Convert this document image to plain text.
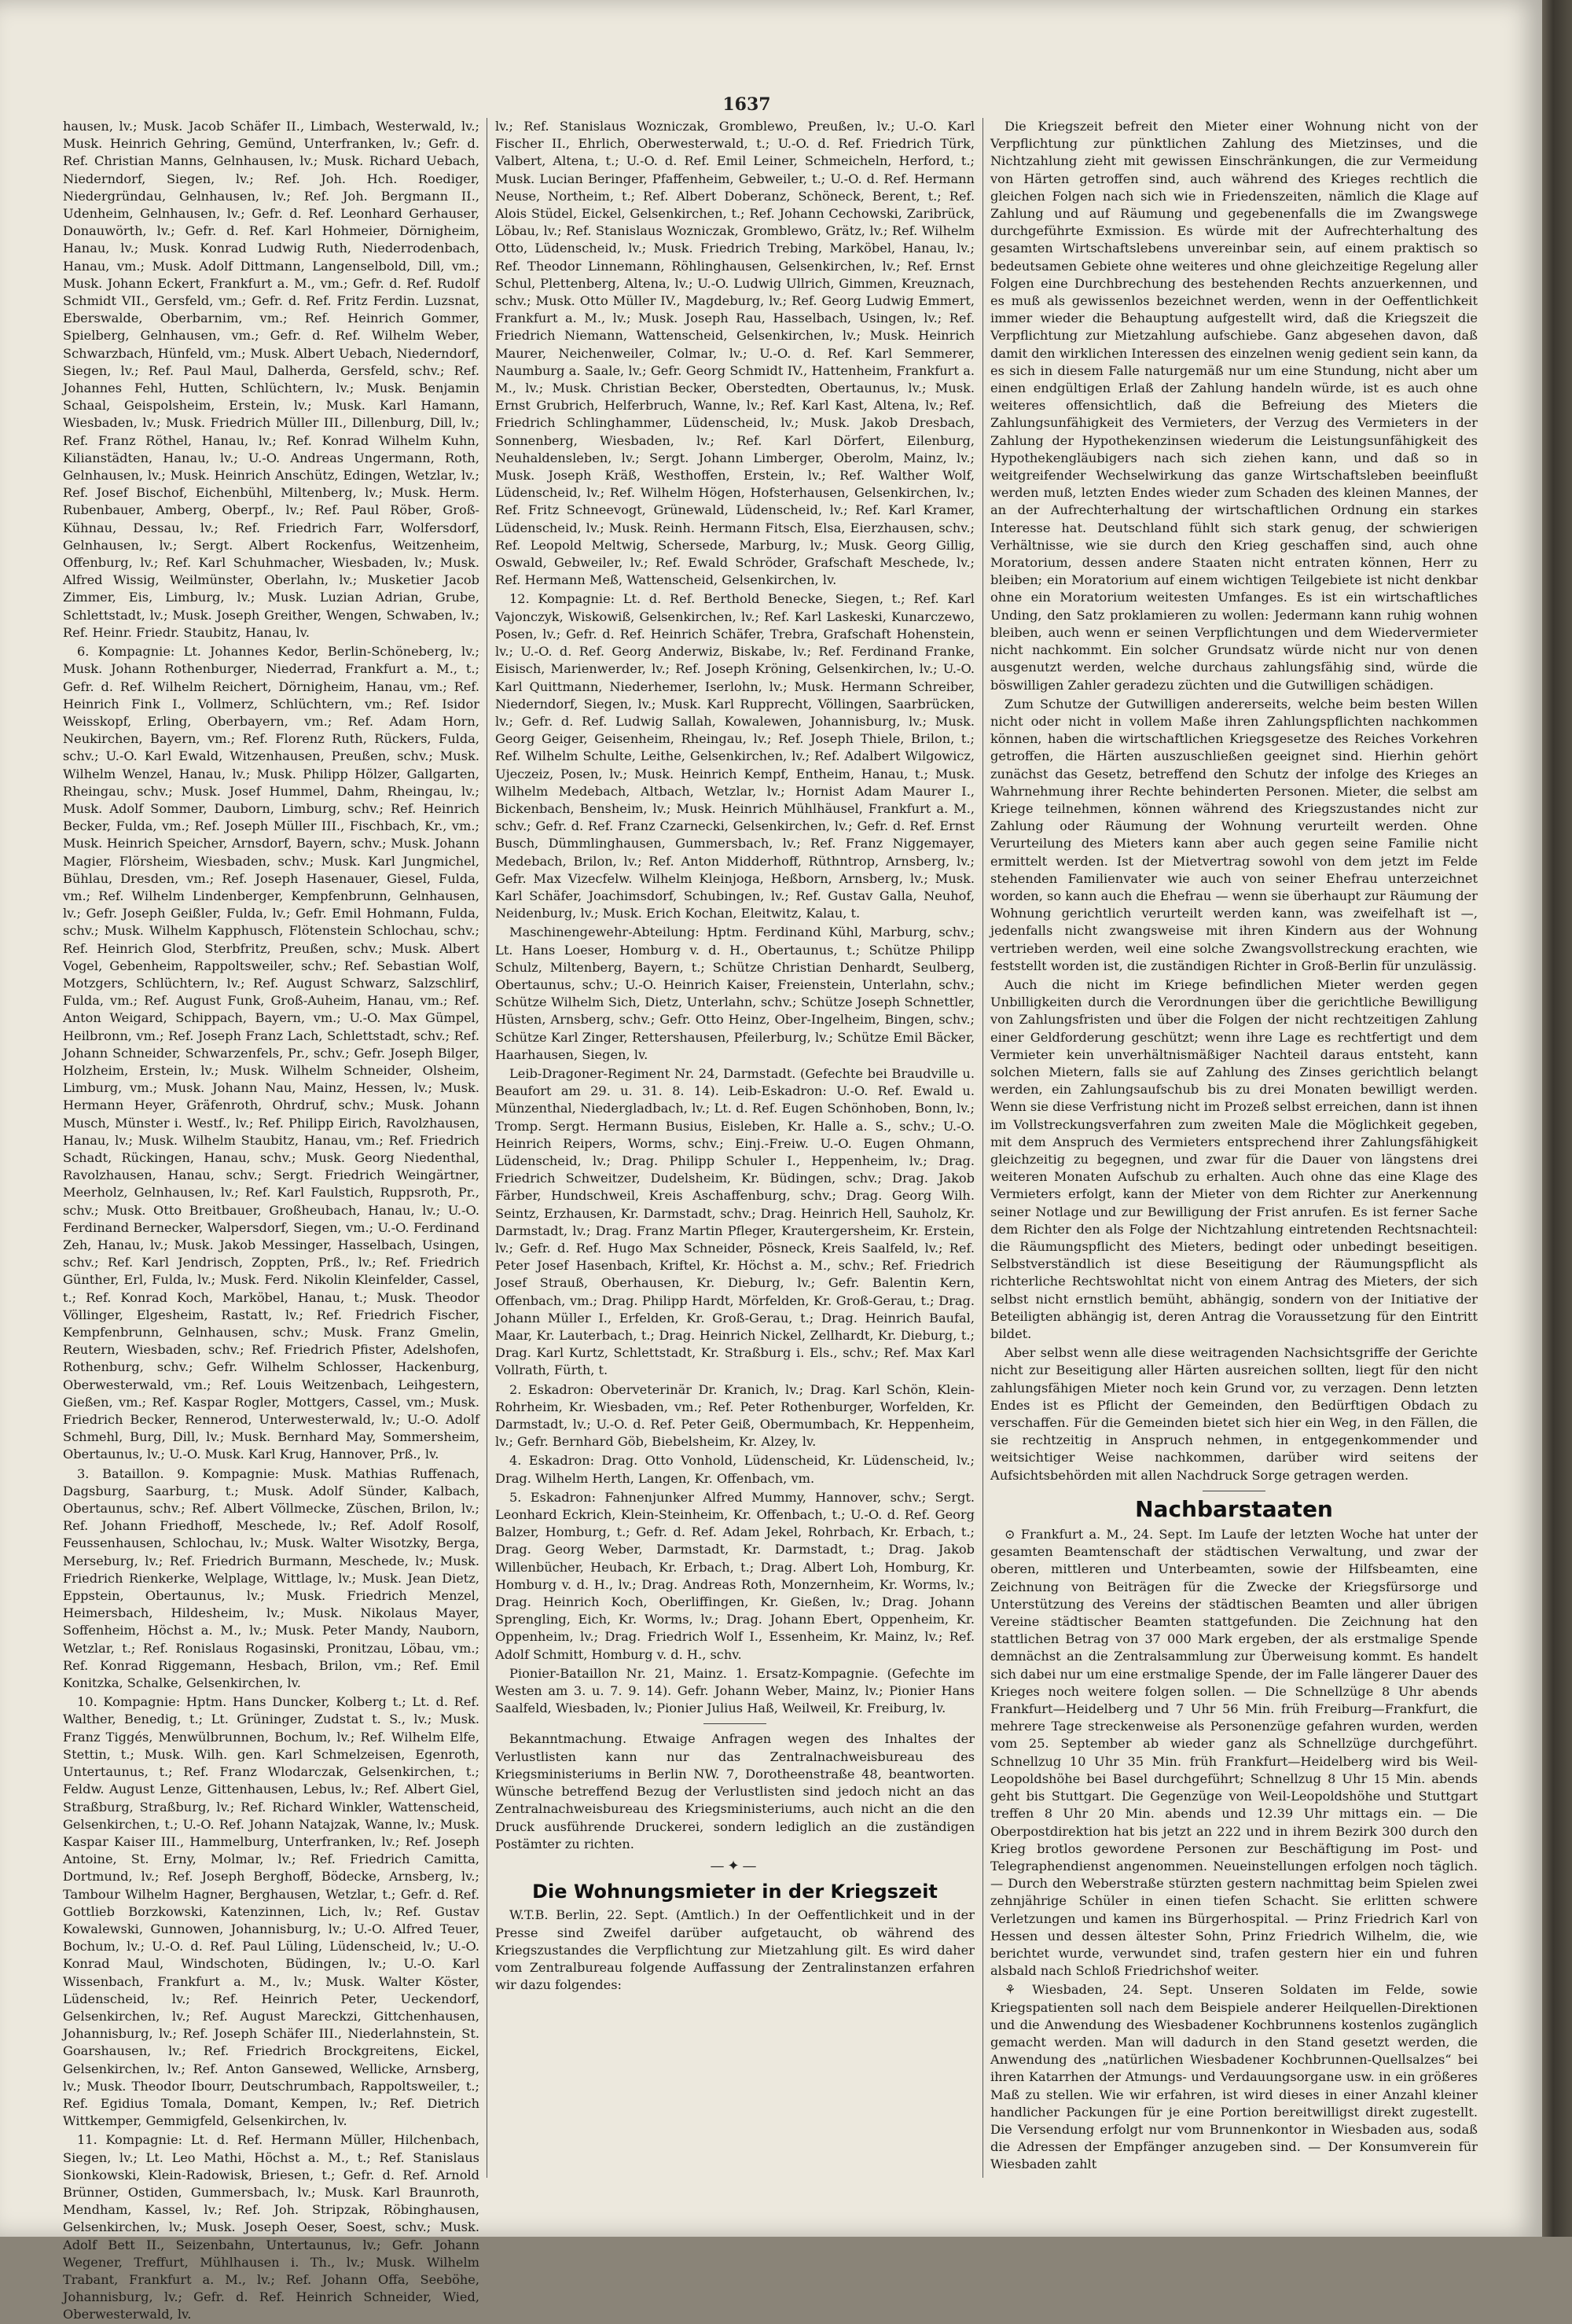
1637

hausen, lv.; Musk. Jacob Schäfer II., Limbach, Westerwald, lv.; Musk. Heinrich Gehring, Gemünd, Unterfranken, lv.; Gefr. d. Ref. Christian Manns, Gelnhausen, lv.; Musk. Richard Uebach, Niederndorf, Siegen, lv.; Ref. Joh. Hch. Roediger, Niedergründau, Gelnhausen, lv.; Ref. Joh. Bergmann II., Udenheim, Gelnhausen, lv.; Gefr. d. Ref. Leonhard Gerhauser, Donauwörth, lv.; Gefr. d. Ref. Karl Hohmeier, Dörnigheim, Hanau, lv.; Musk. Konrad Ludwig Ruth, Niederrodenbach, Hanau, vm.; Musk. Adolf Dittmann, Langenselbold, Dill, vm.; Musk. Johann Eckert, Frankfurt a. M., vm.; Gefr. d. Ref. Rudolf Schmidt VII., Gersfeld, vm.; Gefr. d. Ref. Fritz Ferdin. Luzsnat, Eberswalde, Oberbarnim, vm.; Ref. Heinrich Gommer, Spielberg, Gelnhausen, vm.; Gefr. d. Ref. Wilhelm Weber, Schwarzbach, Hünfeld, vm.; Musk. Albert Uebach, Niederndorf, Siegen, lv.; Ref. Paul Maul, Dalherda, Gersfeld, schv.; Ref. Johannes Fehl, Hutten, Schlüchtern, lv.; Musk. Benjamin Schaal, Geispolsheim, Erstein, lv.; Musk. Karl Hamann, Wiesbaden, lv.; Musk. Friedrich Müller III., Dillenburg, Dill, lv.; Ref. Franz Röthel, Hanau, lv.; Ref. Konrad Wilhelm Kuhn, Kilianstädten, Hanau, lv.; U.-O. Andreas Ungermann, Roth, Gelnhausen, lv.; Musk. Heinrich Anschütz, Edingen, Wetzlar, lv.; Ref. Josef Bischof, Eichenbühl, Miltenberg, lv.; Musk. Herm. Rubenbauer, Amberg, Oberpf., lv.; Ref. Paul Röber, Groß-Kühnau, Dessau, lv.; Ref. Friedrich Farr, Wolfersdorf, Gelnhausen, lv.; Sergt. Albert Rockenfus, Weitzenheim, Offenburg, lv.; Ref. Karl Schuhmacher, Wiesbaden, lv.; Musk. Alfred Wissig, Weilmünster, Oberlahn, lv.; Musketier Jacob Zimmer, Eis, Limburg, lv.; Musk. Luzian Adrian, Grube, Schlettstadt, lv.; Musk. Joseph Greither, Wengen, Schwaben, lv.; Ref. Heinr. Friedr. Staubitz, Hanau, lv.

6. Kompagnie: Lt. Johannes Kedor, Berlin-Schöneberg, lv.; Musk. Johann Rothenburger, Niederrad, Frankfurt a. M., t.; Gefr. d. Ref. Wilhelm Reichert, Dörnigheim, Hanau, vm.; Ref. Heinrich Fink I., Vollmerz, Schlüchtern, vm.; Ref. Isidor Weisskopf, Erling, Oberbayern, vm.; Ref. Adam Horn, Neukirchen, Bayern, vm.; Ref. Florenz Ruth, Rückers, Fulda, schv.; U.-O. Karl Ewald, Witzenhausen, Preußen, schv.; Musk. Wilhelm Wenzel, Hanau, lv.; Musk. Philipp Hölzer, Gallgarten, Rheingau, schv.; Musk. Josef Hummel, Dahm, Rheingau, lv.; Musk. Adolf Sommer, Dauborn, Limburg, schv.; Ref. Heinrich Becker, Fulda, vm.; Ref. Joseph Müller III., Fischbach, Kr., vm.; Musk. Heinrich Speicher, Arnsdorf, Bayern, schv.; Musk. Johann Magier, Flörsheim, Wiesbaden, schv.; Musk. Karl Jungmichel, Bühlau, Dresden, vm.; Ref. Joseph Hasenauer, Giesel, Fulda, vm.; Ref. Wilhelm Lindenberger, Kempfenbrunn, Gelnhausen, lv.; Gefr. Joseph Geißler, Fulda, lv.; Gefr. Emil Hohmann, Fulda, schv.; Musk. Wilhelm Kapphusch, Flötenstein Schlochau, schv.; Ref. Heinrich Glod, Sterbfritz, Preußen, schv.; Musk. Albert Vogel, Gebenheim, Rappoltsweiler, schv.; Ref. Sebastian Wolf, Motzgers, Schlüchtern, lv.; Ref. August Schwarz, Salzschlirf, Fulda, vm.; Ref. August Funk, Groß-Auheim, Hanau, vm.; Ref. Anton Weigard, Schippach, Bayern, vm.; U.-O. Max Gümpel, Heilbronn, vm.; Ref. Joseph Franz Lach, Schlettstadt, schv.; Ref. Johann Schneider, Schwarzenfels, Pr., schv.; Gefr. Joseph Bilger, Holzheim, Erstein, lv.; Musk. Wilhelm Schneider, Olsheim, Limburg, vm.; Musk. Johann Nau, Mainz, Hessen, lv.; Musk. Hermann Heyer, Gräfenroth, Ohrdruf, schv.; Musk. Johann Musch, Münster i. Westf., lv.; Ref. Philipp Eirich, Ravolzhausen, Hanau, lv.; Musk. Wilhelm Staubitz, Hanau, vm.; Ref. Friedrich Schadt, Rückingen, Hanau, schv.; Musk. Georg Niedenthal, Ravolzhausen, Hanau, schv.; Sergt. Friedrich Weingärtner, Meerholz, Gelnhausen, lv.; Ref. Karl Faulstich, Ruppsroth, Pr., schv.; Musk. Otto Breitbauer, Großheubach, Hanau, lv.; U.-O. Ferdinand Bernecker, Walpersdorf, Siegen, vm.; U.-O. Ferdinand Zeh, Hanau, lv.; Musk. Jakob Messinger, Hasselbach, Usingen, schv.; Ref. Karl Jendrisch, Zoppten, Prß., lv.; Ref. Friedrich Günther, Erl, Fulda, lv.; Musk. Ferd. Nikolin Kleinfelder, Cassel, t.; Ref. Konrad Koch, Marköbel, Hanau, t.; Musk. Theodor Völlinger, Elgesheim, Rastatt, lv.; Ref. Friedrich Fischer, Kempfenbrunn, Gelnhausen, schv.; Musk. Franz Gmelin, Reutern, Wiesbaden, schv.; Ref. Friedrich Pfister, Adelshofen, Rothenburg, schv.; Gefr. Wilhelm Schlosser, Hackenburg, Oberwesterwald, vm.; Ref. Louis Weitzenbach, Leihgestern, Gießen, vm.; Ref. Kaspar Rogler, Mottgers, Cassel, vm.; Musk. Friedrich Becker, Rennerod, Unterwesterwald, lv.; U.-O. Adolf Schmehl, Burg, Dill, lv.; Musk. Bernhard May, Sommersheim, Obertaunus, lv.; U.-O. Musk. Karl Krug, Hannover, Prß., lv.

3. Bataillon. 9. Kompagnie: Musk. Mathias Ruffenach, Dagsburg, Saarburg, t.; Musk. Adolf Sünder, Kalbach, Obertaunus, schv.; Ref. Albert Völlmecke, Züschen, Brilon, lv.; Ref. Johann Friedhoff, Meschede, lv.; Ref. Adolf Rosolf, Feussenhausen, Schlochau, lv.; Musk. Walter Wisotzky, Berga, Merseburg, lv.; Ref. Friedrich Burmann, Meschede, lv.; Musk. Friedrich Rienkerke, Welplage, Wittlage, lv.; Musk. Jean Dietz, Eppstein, Obertaunus, lv.; Musk. Friedrich Menzel, Heimersbach, Hildesheim, lv.; Musk. Nikolaus Mayer, Soffenheim, Höchst a. M., lv.; Musk. Peter Mandy, Nauborn, Wetzlar, t.; Ref. Ronislaus Rogasinski, Pronitzau, Löbau, vm.; Ref. Konrad Riggemann, Hesbach, Brilon, vm.; Ref. Emil Konitzka, Schalke, Gelsenkirchen, lv.

10. Kompagnie: Hptm. Hans Duncker, Kolberg t.; Lt. d. Ref. Walther, Benedig, t.; Lt. Grüninger, Zudstat t. S., lv.; Musk. Franz Tiggés, Menwülbrunnen, Bochum, lv.; Ref. Wilhelm Elfe, Stettin, t.; Musk. Wilh. gen. Karl Schmelzeisen, Egenroth, Untertaunus, t.; Ref. Franz Wlodarczak, Gelsenkirchen, t.; Feldw. August Lenze, Gittenhausen, Lebus, lv.; Ref. Albert Giel, Straßburg, Straßburg, lv.; Ref. Richard Winkler, Wattenscheid, Gelsenkirchen, t.; U.-O. Ref. Johann Natajzak, Wanne, lv.; Musk. Kaspar Kaiser III., Hammelburg, Unterfranken, lv.; Ref. Joseph Antoine, St. Erny, Molmar, lv.; Ref. Friedrich Camitta, Dortmund, lv.; Ref. Joseph Berghoff, Bödecke, Arnsberg, lv.; Tambour Wilhelm Hagner, Berghausen, Wetzlar, t.; Gefr. d. Ref. Gottlieb Borzkowski, Katenzinnen, Lich, lv.; Ref. Gustav Kowalewski, Gunnowen, Johannisburg, lv.; U.-O. Alfred Teuer, Bochum, lv.; U.-O. d. Ref. Paul Lüling, Lüdenscheid, lv.; U.-O. Konrad Maul, Windschoten, Büdingen, lv.; U.-O. Karl Wissenbach, Frankfurt a. M., lv.; Musk. Walter Köster, Lüdenscheid, lv.; Ref. Heinrich Peter, Ueckendorf, Gelsenkirchen, lv.; Ref. August Mareckzi, Gittchenhausen, Johannisburg, lv.; Ref. Joseph Schäfer III., Niederlahnstein, St. Goarshausen, lv.; Ref. Friedrich Brockgreitens, Eickel, Gelsenkirchen, lv.; Ref. Anton Gansewed, Wellicke, Arnsberg, lv.; Musk. Theodor Ibourr, Deutschrumbach, Rappoltsweiler, t.; Ref. Egidius Tomala, Domant, Kempen, lv.; Ref. Dietrich Wittkemper, Gemmigfeld, Gelsenkirchen, lv.

11. Kompagnie: Lt. d. Ref. Hermann Müller, Hilchenbach, Siegen, lv.; Lt. Leo Mathi, Höchst a. M., t.; Ref. Stanislaus Sionkowski, Klein-Radowisk, Briesen, t.; Gefr. d. Ref. Arnold Brünner, Ostiden, Gummersbach, lv.; Musk. Karl Braunroth, Mendham, Kassel, lv.; Ref. Joh. Stripzak, Röbinghausen, Gelsenkirchen, lv.; Musk. Joseph Oeser, Soest, schv.; Musk. Adolf Bett II., Seizenbahn, Untertaunus, lv.; Gefr. Johann Wegener, Treffurt, Mühlhausen i. Th., lv.; Musk. Wilhelm Trabant, Frankfurt a. M., lv.; Ref. Johann Offa, Seeböhe, Johannisburg, lv.; Gefr. d. Ref. Heinrich Schneider, Wied, Oberwesterwald, lv.

lv.; Ref. Stanislaus Wozniczak, Gromblewo, Preußen, lv.; U.-O. Karl Fischer II., Ehrlich, Oberwesterwald, t.; U.-O. d. Ref. Friedrich Türk, Valbert, Altena, t.; U.-O. d. Ref. Emil Leiner, Schmeicheln, Herford, t.; Musk. Lucian Beringer, Pfaffenheim, Gebweiler, t.; U.-O. d. Ref. Hermann Neuse, Northeim, t.; Ref. Albert Doberanz, Schöneck, Berent, t.; Ref. Alois Stüdel, Eickel, Gelsenkirchen, t.; Ref. Johann Cechowski, Zaribrück, Löbau, lv.; Ref. Stanislaus Wozniczak, Gromblewo, Grätz, lv.; Ref. Wilhelm Otto, Lüdenscheid, lv.; Musk. Friedrich Trebing, Marköbel, Hanau, lv.; Ref. Theodor Linnemann, Röhlinghausen, Gelsenkirchen, lv.; Ref. Ernst Schul, Plettenberg, Altena, lv.; U.-O. Ludwig Ullrich, Gimmen, Kreuznach, schv.; Musk. Otto Müller IV., Magdeburg, lv.; Ref. Georg Ludwig Emmert, Frankfurt a. M., lv.; Musk. Joseph Rau, Hasselbach, Usingen, lv.; Ref. Friedrich Niemann, Wattenscheid, Gelsenkirchen, lv.; Musk. Heinrich Maurer, Neichenweiler, Colmar, lv.; U.-O. d. Ref. Karl Semmerer, Naumburg a. Saale, lv.; Gefr. Georg Schmidt IV., Hattenheim, Frankfurt a. M., lv.; Musk. Christian Becker, Oberstedten, Obertaunus, lv.; Musk. Ernst Grubrich, Helferbruch, Wanne, lv.; Ref. Karl Kast, Altena, lv.; Ref. Friedrich Schlinghammer, Lüdenscheid, lv.; Musk. Jakob Dresbach, Sonnenberg, Wiesbaden, lv.; Ref. Karl Dörfert, Eilenburg, Neuhaldensleben, lv.; Sergt. Johann Limberger, Oberolm, Mainz, lv.; Musk. Joseph Kräß, Westhoffen, Erstein, lv.; Ref. Walther Wolf, Lüdenscheid, lv.; Ref. Wilhelm Högen, Hofsterhausen, Gelsenkirchen, lv.; Ref. Fritz Schneevogt, Grünewald, Lüdenscheid, lv.; Ref. Karl Kramer, Lüdenscheid, lv.; Musk. Reinh. Hermann Fitsch, Elsa, Eierzhausen, schv.; Ref. Leopold Meltwig, Schersede, Marburg, lv.; Musk. Georg Gillig, Oswald, Gebweiler, lv.; Ref. Ewald Schröder, Grafschaft Meschede, lv.; Ref. Hermann Meß, Wattenscheid, Gelsenkirchen, lv.

12. Kompagnie: Lt. d. Ref. Berthold Benecke, Siegen, t.; Ref. Karl Vajonczyk, Wiskowiß, Gelsenkirchen, lv.; Ref. Karl Laskeski, Kunarczewo, Posen, lv.; Gefr. d. Ref. Heinrich Schäfer, Trebra, Grafschaft Hohenstein, lv.; U.-O. d. Ref. Georg Anderwiz, Biskabe, lv.; Ref. Ferdinand Franke, Eisisch, Marienwerder, lv.; Ref. Joseph Kröning, Gelsenkirchen, lv.; U.-O. Karl Quittmann, Niederhemer, Iserlohn, lv.; Musk. Hermann Schreiber, Niederndorf, Siegen, lv.; Musk. Karl Rupprecht, Völlingen, Saarbrücken, lv.; Gefr. d. Ref. Ludwig Sallah, Kowalewen, Johannisburg, lv.; Musk. Georg Geiger, Geisenheim, Rheingau, lv.; Ref. Joseph Thiele, Brilon, t.; Ref. Wilhelm Schulte, Leithe, Gelsenkirchen, lv.; Ref. Adalbert Wilgowicz, Ujeczeiz, Posen, lv.; Musk. Heinrich Kempf, Entheim, Hanau, t.; Musk. Wilhelm Medebach, Altbach, Wetzlar, lv.; Hornist Adam Maurer I., Bickenbach, Bensheim, lv.; Musk. Heinrich Mühlhäusel, Frankfurt a. M., schv.; Gefr. d. Ref. Franz Czarnecki, Gelsenkirchen, lv.; Gefr. d. Ref. Ernst Busch, Dümmlinghausen, Gummersbach, lv.; Ref. Franz Niggemayer, Medebach, Brilon, lv.; Ref. Anton Midderhoff, Rüthntrop, Arnsberg, lv.; Gefr. Max Vizecfelw. Wilhelm Kleinjoga, Heßborn, Arnsberg, lv.; Musk. Karl Schäfer, Joachimsdorf, Schubingen, lv.; Ref. Gustav Galla, Neuhof, Neidenburg, lv.; Musk. Erich Kochan, Eleitwitz, Kalau, t.

Maschinengewehr-Abteilung: Hptm. Ferdinand Kühl, Marburg, schv.; Lt. Hans Loeser, Homburg v. d. H., Obertaunus, t.; Schütze Philipp Schulz, Miltenberg, Bayern, t.; Schütze Christian Denhardt, Seulberg, Obertaunus, schv.; U.-O. Heinrich Kaiser, Freienstein, Unterlahn, schv.; Schütze Wilhelm Sich, Dietz, Unterlahn, schv.; Schütze Joseph Schnettler, Hüsten, Arnsberg, schv.; Gefr. Otto Heinz, Ober-Ingelheim, Bingen, schv.; Schütze Karl Zinger, Rettershausen, Pfeilerburg, lv.; Schütze Emil Bäcker, Haarhausen, Siegen, lv.

Leib-Dragoner-Regiment Nr. 24, Darmstadt. (Gefechte bei Braudville u. Beaufort am 29. u. 31. 8. 14). Leib-Eskadron: U.-O. Ref. Ewald u. Münzenthal, Niedergladbach, lv.; Lt. d. Ref. Eugen Schönhoben, Bonn, lv.; Tromp. Sergt. Hermann Busius, Eisleben, Kr. Halle a. S., schv.; U.-O. Heinrich Reipers, Worms, schv.; Einj.-Freiw. U.-O. Eugen Ohmann, Lüdenscheid, lv.; Drag. Philipp Schuler I., Heppenheim, lv.; Drag. Friedrich Schweitzer, Dudelsheim, Kr. Büdingen, schv.; Drag. Jakob Färber, Hundschweil, Kreis Aschaffenburg, schv.; Drag. Georg Wilh. Seintz, Erzhausen, Kr. Darmstadt, schv.; Drag. Heinrich Hell, Sauholz, Kr. Darmstadt, lv.; Drag. Franz Martin Pfleger, Krautergersheim, Kr. Erstein, lv.; Gefr. d. Ref. Hugo Max Schneider, Pösneck, Kreis Saalfeld, lv.; Ref. Peter Josef Hasenbach, Kriftel, Kr. Höchst a. M., schv.; Ref. Friedrich Josef Strauß, Oberhausen, Kr. Dieburg, lv.; Gefr. Balentin Kern, Offenbach, vm.; Drag. Philipp Hardt, Mörfelden, Kr. Groß-Gerau, t.; Drag. Johann Müller I., Erfelden, Kr. Groß-Gerau, t.; Drag. Heinrich Baufal, Maar, Kr. Lauterbach, t.; Drag. Heinrich Nickel, Zellhardt, Kr. Dieburg, t.; Drag. Karl Kurtz, Schlettstadt, Kr. Straßburg i. Els., schv.; Ref. Max Karl Vollrath, Fürth, t.

2. Eskadron: Oberveterinär Dr. Kranich, lv.; Drag. Karl Schön, Klein-Rohrheim, Kr. Wiesbaden, vm.; Ref. Peter Rothenburger, Worfelden, Kr. Darmstadt, lv.; U.-O. d. Ref. Peter Geiß, Obermumbach, Kr. Heppenheim, lv.; Gefr. Bernhard Göb, Biebelsheim, Kr. Alzey, lv.

4. Eskadron: Drag. Otto Vonhold, Lüdenscheid, Kr. Lüdenscheid, lv.; Drag. Wilhelm Herth, Langen, Kr. Offenbach, vm.

5. Eskadron: Fahnenjunker Alfred Mummy, Hannover, schv.; Sergt. Leonhard Eckrich, Klein-Steinheim, Kr. Offenbach, t.; U.-O. d. Ref. Georg Balzer, Homburg, t.; Gefr. d. Ref. Adam Jekel, Rohrbach, Kr. Erbach, t.; Drag. Georg Weber, Darmstadt, Kr. Darmstadt, t.; Drag. Jakob Willenbücher, Heubach, Kr. Erbach, t.; Drag. Albert Loh, Homburg, Kr. Homburg v. d. H., lv.; Drag. Andreas Roth, Monzernheim, Kr. Worms, lv.; Drag. Heinrich Koch, Oberliffingen, Kr. Gießen, lv.; Drag. Johann Sprengling, Eich, Kr. Worms, lv.; Drag. Johann Ebert, Oppenheim, Kr. Oppenheim, lv.; Drag. Friedrich Wolf I., Essenheim, Kr. Mainz, lv.; Ref. Adolf Schmitt, Homburg v. d. H., schv.

Pionier-Bataillon Nr. 21, Mainz. 1. Ersatz-Kompagnie. (Gefechte im Westen am 3. u. 7. 9. 14). Gefr. Johann Weber, Mainz, lv.; Pionier Hans Saalfeld, Wiesbaden, lv.; Pionier Julius Haß, Weilweil, Kr. Freiburg, lv.

Bekanntmachung. Etwaige Anfragen wegen des Inhaltes der Verlustlisten kann nur das Zentralnachweisbureau des Kriegsministeriums in Berlin NW. 7, Dorotheenstraße 48, beantworten. Wünsche betreffend Bezug der Verlustlisten sind jedoch nicht an das Zentralnachweisbureau des Kriegsministeriums, auch nicht an die den Druck ausführende Druckerei, sondern lediglich an die zuständigen Postämter zu richten.

—✦—
Die Wohnungsmieter in der Kriegszeit

W.T.B. Berlin, 22. Sept. (Amtlich.) In der Oeffentlichkeit und in der Presse sind Zweifel darüber aufgetaucht, ob während des Kriegszustandes die Verpflichtung zur Mietzahlung gilt. Es wird daher vom Zentralbureau folgende Auffassung der Zentralinstanzen erfahren wir dazu folgendes:

Die Kriegszeit befreit den Mieter einer Wohnung nicht von der Verpflichtung zur pünktlichen Zahlung des Mietzinses, und die Nichtzahlung zieht mit gewissen Einschränkungen, die zur Vermeidung von Härten getroffen sind, auch während des Krieges rechtlich die gleichen Folgen nach sich wie in Friedenszeiten, nämlich die Klage auf Zahlung und auf Räumung und gegebenenfalls die im Zwangswege durchgeführte Exmission. Es würde mit der Aufrechterhaltung des gesamten Wirtschaftslebens unvereinbar sein, auf einem praktisch so bedeutsamen Gebiete ohne weiteres und ohne gleichzeitige Regelung aller Folgen eine Durchbrechung des bestehenden Rechts anzuerkennen, und es muß als gewissenlos bezeichnet werden, wenn in der Oeffentlichkeit immer wieder die Behauptung aufgestellt wird, daß die Kriegszeit die Verpflichtung zur Mietzahlung aufschiebe. Ganz abgesehen davon, daß damit den wirklichen Interessen des einzelnen wenig gedient sein kann, da es sich in diesem Falle naturgemäß nur um eine Stundung, nicht aber um einen endgültigen Erlaß der Zahlung handeln würde, ist es auch ohne weiteres offensichtlich, daß die Befreiung des Mieters die Zahlungsunfähigkeit des Vermieters, der Verzug des Vermieters in der Zahlung der Hypothekenzinsen wiederum die Leistungsunfähigkeit des Hypothekengläubigers nach sich ziehen kann, und daß so in weitgreifender Wechselwirkung das ganze Wirtschaftsleben beeinflußt werden muß, letzten Endes wieder zum Schaden des kleinen Mannes, der an der Aufrechterhaltung der wirtschaftlichen Ordnung ein starkes Interesse hat. Deutschland fühlt sich stark genug, der schwierigen Verhältnisse, wie sie durch den Krieg geschaffen sind, auch ohne Moratorium, dessen andere Staaten nicht entraten können, Herr zu bleiben; ein Moratorium auf einem wichtigen Teilgebiete ist nicht denkbar ohne ein Moratorium weitesten Umfanges. Es ist ein wirtschaftliches Unding, den Satz proklamieren zu wollen: Jedermann kann ruhig wohnen bleiben, auch wenn er seinen Verpflichtungen und dem Wiedervermieter nicht nachkommt. Ein solcher Grundsatz würde nicht nur von denen ausgenutzt werden, welche durchaus zahlungsfähig sind, würde die böswilligen Zahler geradezu züchten und die Gutwilligen schädigen.

Zum Schutze der Gutwilligen andererseits, welche beim besten Willen nicht oder nicht in vollem Maße ihren Zahlungspflichten nachkommen können, haben die wirtschaftlichen Kriegsgesetze des Reiches Vorkehren getroffen, die Härten auszuschließen geeignet sind. Hierhin gehört zunächst das Gesetz, betreffend den Schutz der infolge des Krieges an Wahrnehmung ihrer Rechte behinderten Personen. Mieter, die selbst am Kriege teilnehmen, können während des Kriegszustandes nicht zur Zahlung oder Räumung der Wohnung verurteilt werden. Ohne Verurteilung des Mieters kann aber auch gegen seine Familie nicht ermittelt werden. Ist der Mietvertrag sowohl von dem jetzt im Felde stehenden Familienvater wie auch von seiner Ehefrau unterzeichnet worden, so kann auch die Ehefrau — wenn sie überhaupt zur Räumung der Wohnung gerichtlich verurteilt werden kann, was zweifelhaft ist —, jedenfalls nicht zwangsweise mit ihren Kindern aus der Wohnung vertrieben werden, weil eine solche Zwangsvollstreckung erachten, wie feststellt worden ist, die zuständigen Richter in Groß-Berlin für unzulässig.

Auch die nicht im Kriege befindlichen Mieter werden gegen Unbilligkeiten durch die Verordnungen über die gerichtliche Bewilligung von Zahlungsfristen und über die Folgen der nicht rechtzeitigen Zahlung einer Geldforderung geschützt; wenn ihre Lage es rechtfertigt und dem Vermieter kein unverhältnismäßiger Nachteil daraus entsteht, kann solchen Mietern, falls sie auf Zahlung des Zinses gerichtlich belangt werden, ein Zahlungsaufschub bis zu drei Monaten bewilligt werden. Wenn sie diese Verfristung nicht im Prozeß selbst erreichen, dann ist ihnen im Vollstreckungsverfahren zum zweiten Male die Möglichkeit gegeben, mit dem Anspruch des Vermieters entsprechend ihrer Zahlungsfähigkeit gleichzeitig zu begegnen, und zwar für die Dauer von längstens drei weiteren Monaten Aufschub zu erhalten. Auch ohne das eine Klage des Vermieters erfolgt, kann der Mieter von dem Richter zur Anerkennung seiner Notlage und zur Bewilligung der Frist anrufen. Es ist ferner Sache dem Richter den als Folge der Nichtzahlung eintretenden Rechtsnachteil: die Räumungspflicht des Mieters, bedingt oder unbedingt beseitigen. Selbstverständlich ist diese Beseitigung der Räumungspflicht als richterliche Rechtswohltat nicht von einem Antrag des Mieters, der sich selbst nicht ernstlich bemüht, abhängig, sondern von der Initiative der Beteiligten abhängig ist, deren Antrag die Voraussetzung für den Eintritt bildet.

Aber selbst wenn alle diese weitragenden Nachsichtsgriffe der Gerichte nicht zur Beseitigung aller Härten ausreichen sollten, liegt für den nicht zahlungsfähigen Mieter noch kein Grund vor, zu verzagen. Denn letzten Endes ist es Pflicht der Gemeinden, den Bedürftigen Obdach zu verschaffen. Für die Gemeinden bietet sich hier ein Weg, in den Fällen, die sie rechtzeitig in Anspruch nehmen, in entgegenkommender und weitsichtiger Weise nachkommen, darüber wird seitens der Aufsichtsbehörden mit allen Nachdruck Sorge getragen werden.

Nachbarstaaten

⊙ Frankfurt a. M., 24. Sept. Im Laufe der letzten Woche hat unter der gesamten Beamtenschaft der städtischen Verwaltung, und zwar der oberen, mittleren und Unterbeamten, sowie der Hilfsbeamten, eine Zeichnung von Beiträgen für die Zwecke der Kriegsfürsorge und Unterstützung des Vereins der städtischen Beamten und aller übrigen Vereine städtischer Beamten stattgefunden. Die Zeichnung hat den stattlichen Betrag von 37 000 Mark ergeben, der als erstmalige Spende demnächst an die Zentralsammlung zur Überweisung kommt. Es handelt sich dabei nur um eine erstmalige Spende, der im Falle längerer Dauer des Krieges noch weitere folgen sollen. — Die Schnellzüge 8 Uhr abends Frankfurt—Heidelberg und 7 Uhr 56 Min. früh Freiburg—Frankfurt, die mehrere Tage streckenweise als Personenzüge gefahren wurden, werden vom 25. September ab wieder ganz als Schnellzüge durchgeführt. Schnellzug 10 Uhr 35 Min. früh Frankfurt—Heidelberg wird bis Weil-Leopoldshöhe bei Basel durchgeführt; Schnellzug 8 Uhr 15 Min. abends geht bis Stuttgart. Die Gegenzüge von Weil-Leopoldshöhe und Stuttgart treffen 8 Uhr 20 Min. abends und 12.39 Uhr mittags ein. — Die Oberpostdirektion hat bis jetzt an 222 und in ihrem Bezirk 300 durch den Krieg brotlos gewordene Personen zur Beschäftigung im Post- und Telegraphendienst angenommen. Neueinstellungen erfolgen noch täglich. — Durch den Weberstraße stürzten gestern nachmittag beim Spielen zwei zehnjährige Schüler in einen tiefen Schacht. Sie erlitten schwere Verletzungen und kamen ins Bürgerhospital. — Prinz Friedrich Karl von Hessen und dessen ältester Sohn, Prinz Friedrich Wilhelm, die, wie berichtet wurde, verwundet sind, trafen gestern hier ein und fuhren alsbald nach Schloß Friedrichshof weiter.

⚘ Wiesbaden, 24. Sept. Unseren Soldaten im Felde, sowie Kriegspatienten soll nach dem Beispiele anderer Heilquellen-Direktionen und die Anwendung des Wiesbadener Kochbrunnens kostenlos zugänglich gemacht werden. Man will dadurch in den Stand gesetzt werden, die Anwendung des „natürlichen Wiesbadener Kochbrunnen-Quellsalzes“ bei ihren Katarrhen der Atmungs- und Verdauungsorgane usw. in ein größeres Maß zu stellen. Wie wir erfahren, ist wird dieses in einer Anzahl kleiner handlicher Packungen für je eine Portion bereitwilligst direkt zugestellt. Die Versendung erfolgt nur vom Brunnenkontor in Wiesbaden aus, sodaß die Adressen der Empfänger anzugeben sind. — Der Konsumverein für Wiesbaden zahlt
